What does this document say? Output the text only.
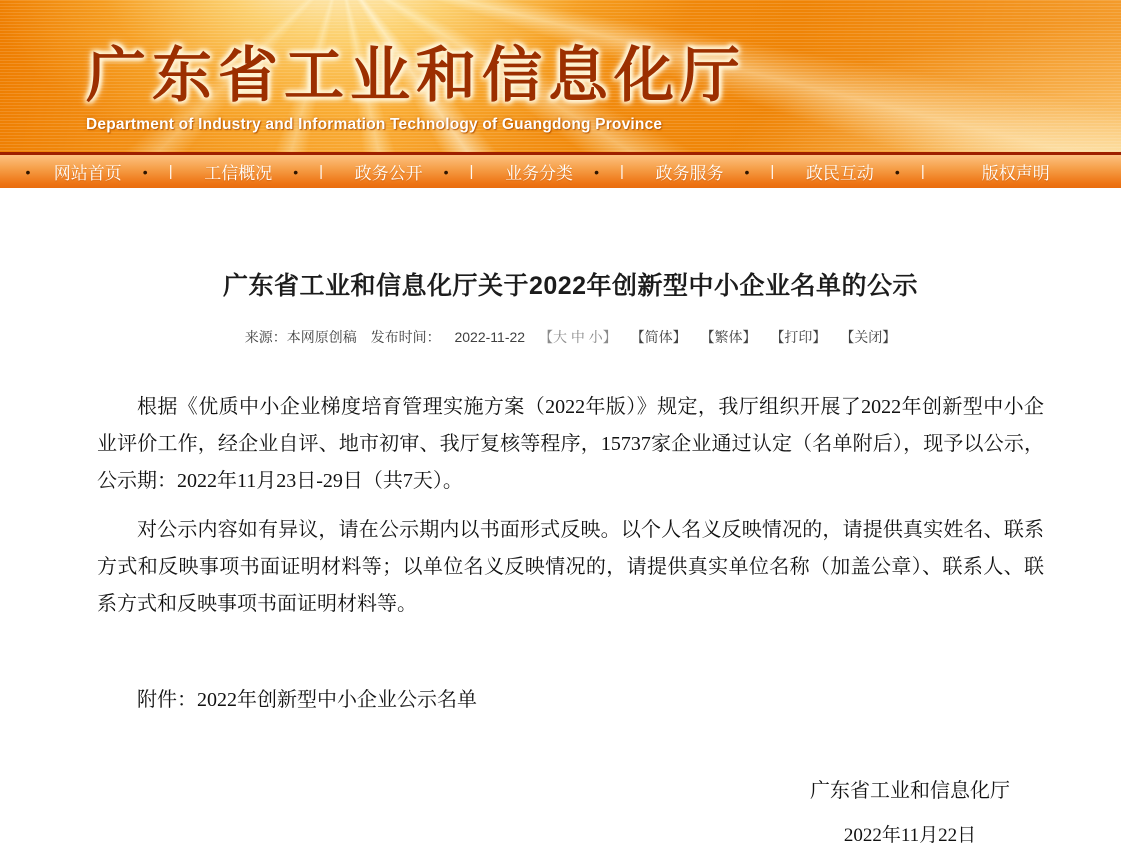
广东省工业和信息化厅
Department of Industry and Information Technology of Guangdong Province
•	网站首页 • | 工信概况 • | 政务公开 • | 业务分类 • | 政务服务 • | 政民互动 • |	版权声明
广东省工业和信息化厅关于2022年创新型中小企业名单的公示
来源：本网原创稿 发布时间： 2022-11-22 【大 中 小】 【简体】 【繁体】 【打印】 【关闭】

根据《优质中小企业梯度培育管理实施方案（2022年版）》规定，我厅组织开展了2022年创新型中小企业评价工作，经企业自评、地市初审、我厅复核等程序，15737家企业通过认定（名单附后），现予以公示，公示期：2022年11月23日-29日（共7天）。

对公示内容如有异议，请在公示期内以书面形式反映。以个人名义反映情况的，请提供真实姓名、联系方式和反映事项书面证明材料等；以单位名义反映情况的，请提供真实单位名称（加盖公章）、联系人、联系方式和反映事项书面证明材料等。

附件：2022年创新型中小企业公示名单

广东省工业和信息化厅
2022年11月22日
